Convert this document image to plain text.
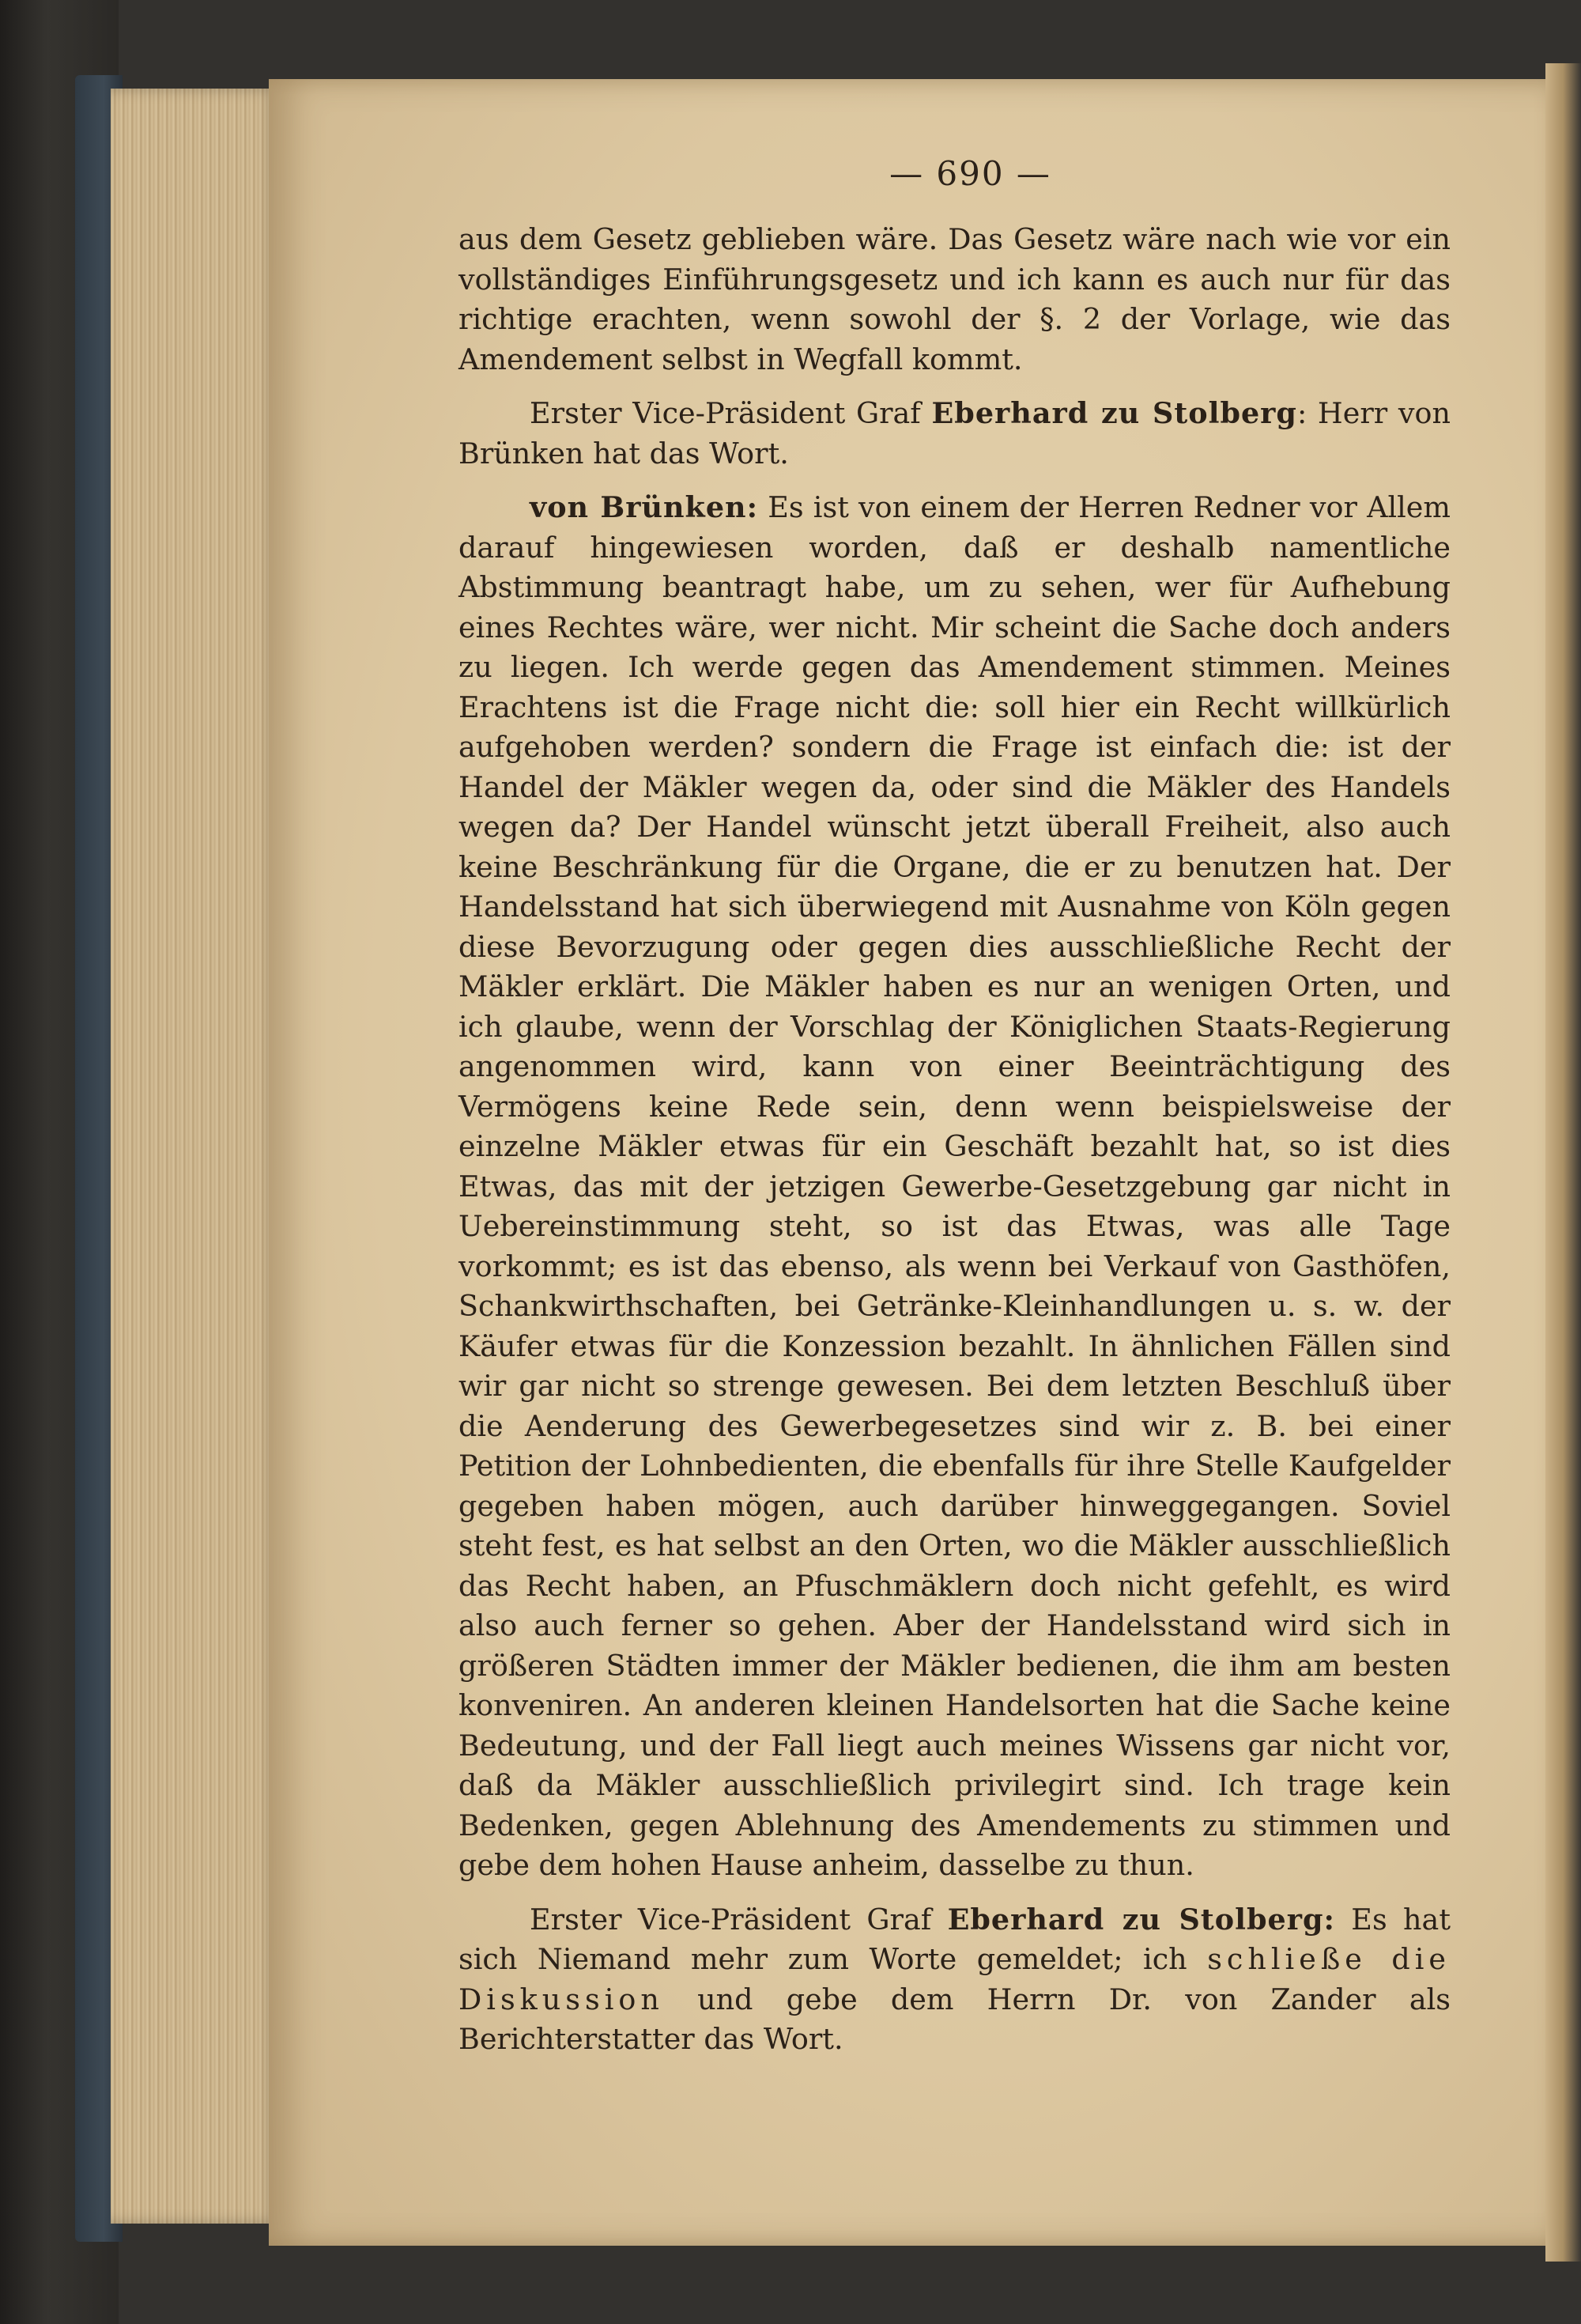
— 690 —

aus dem Gesetz geblieben wäre. Das Gesetz wäre nach wie vor ein vollständiges Einführungsgesetz und ich kann es auch nur für das richtige erachten, wenn sowohl der §. 2 der Vorlage, wie das Amendement selbst in Wegfall kommt.

Erster Vice-Präsident Graf Eberhard zu Stolberg: Herr von Brünken hat das Wort.

von Brünken: Es ist von einem der Herren Redner vor Allem darauf hingewiesen worden, daß er deshalb namentliche Abstimmung beantragt habe, um zu sehen, wer für Aufhebung eines Rechtes wäre, wer nicht. Mir scheint die Sache doch anders zu liegen. Ich werde gegen das Amendement stimmen. Meines Erachtens ist die Frage nicht die: soll hier ein Recht willkürlich aufgehoben werden? sondern die Frage ist einfach die: ist der Handel der Mäkler wegen da, oder sind die Mäkler des Handels wegen da? Der Handel wünscht jetzt überall Freiheit, also auch keine Beschränkung für die Organe, die er zu benutzen hat. Der Handelsstand hat sich überwiegend mit Ausnahme von Köln gegen diese Bevorzugung oder gegen dies ausschließliche Recht der Mäkler erklärt. Die Mäkler haben es nur an wenigen Orten, und ich glaube, wenn der Vorschlag der Königlichen Staats-Regierung angenommen wird, kann von einer Beeinträchtigung des Vermögens keine Rede sein, denn wenn beispielsweise der einzelne Mäkler etwas für ein Geschäft bezahlt hat, so ist dies Etwas, das mit der jetzigen Gewerbe-Gesetzgebung gar nicht in Uebereinstimmung steht, so ist das Etwas, was alle Tage vorkommt; es ist das ebenso, als wenn bei Verkauf von Gasthöfen, Schankwirthschaften, bei Getränke-Kleinhandlungen u. s. w. der Käufer etwas für die Konzession bezahlt. In ähnlichen Fällen sind wir gar nicht so strenge gewesen. Bei dem letzten Beschluß über die Aenderung des Gewerbegesetzes sind wir z. B. bei einer Petition der Lohnbedienten, die ebenfalls für ihre Stelle Kaufgelder gegeben haben mögen, auch darüber hinweggegangen. Soviel steht fest, es hat selbst an den Orten, wo die Mäkler ausschließlich das Recht haben, an Pfuschmäklern doch nicht gefehlt, es wird also auch ferner so gehen. Aber der Handelsstand wird sich in größeren Städten immer der Mäkler bedienen, die ihm am besten konveniren. An anderen kleinen Handelsorten hat die Sache keine Bedeutung, und der Fall liegt auch meines Wissens gar nicht vor, daß da Mäkler ausschließlich privilegirt sind. Ich trage kein Bedenken, gegen Ablehnung des Amendements zu stimmen und gebe dem hohen Hause anheim, dasselbe zu thun.

Erster Vice-Präsident Graf Eberhard zu Stolberg: Es hat sich Niemand mehr zum Worte gemeldet; ich schließe die Diskussion und gebe dem Herrn Dr. von Zander als Berichterstatter das Wort.
